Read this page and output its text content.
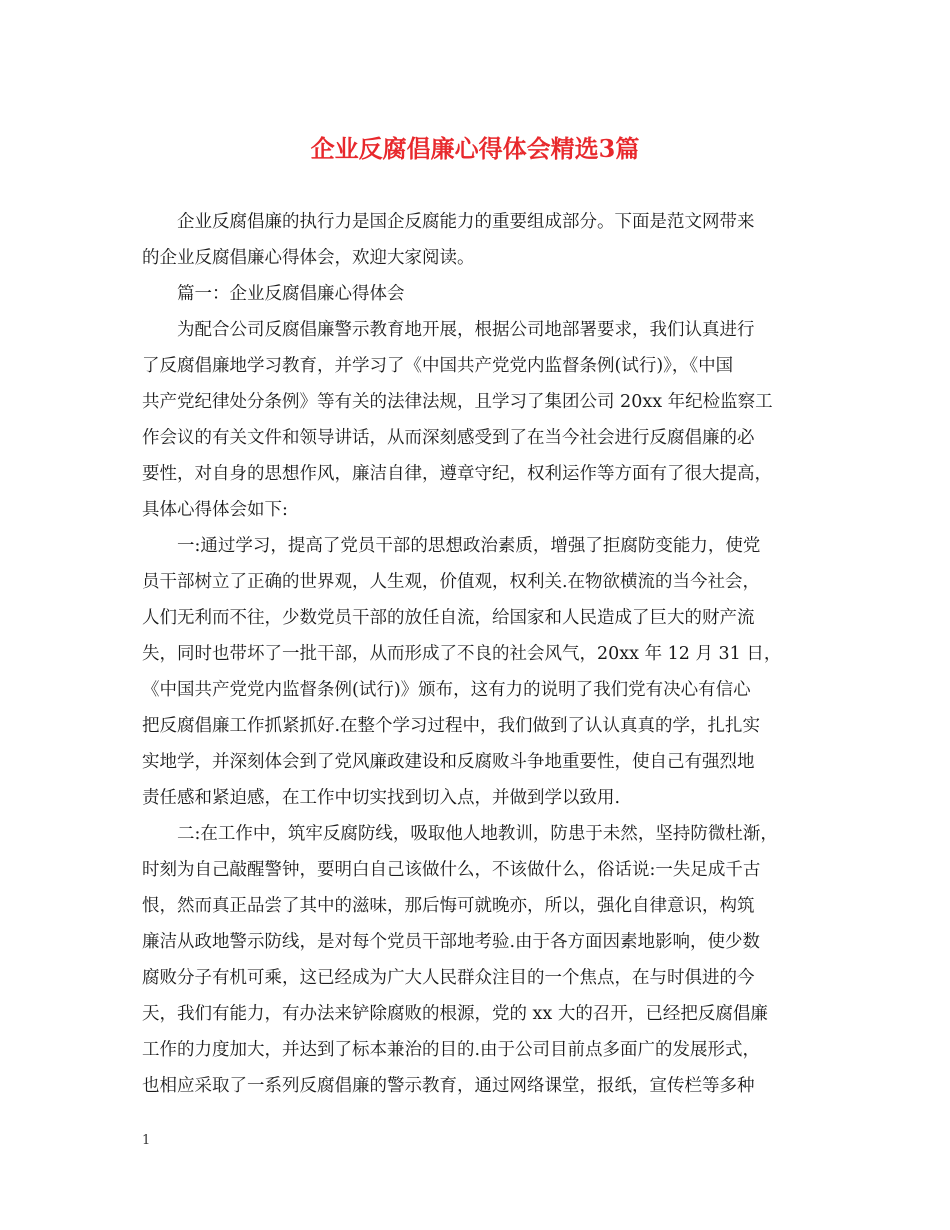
企业反腐倡廉心得体会精选3篇
　　企业反腐倡廉的执行力是国企反腐能力的重要组成部分。下面是范文网带来
的企业反腐倡廉心得体会，欢迎大家阅读。
　　篇一：企业反腐倡廉心得体会
　　为配合公司反腐倡廉警示教育地开展，根据公司地部署要求，我们认真进行
了反腐倡廉地学习教育，并学习了《中国共产党党内监督条例(试行)》，《中国
共产党纪律处分条例》等有关的法律法规，且学习了集团公司 20xx 年纪检监察工
作会议的有关文件和领导讲话，从而深刻感受到了在当今社会进行反腐倡廉的必
要性，对自身的思想作风，廉洁自律，遵章守纪，权利运作等方面有了很大提高，
具体心得体会如下:
　　一:通过学习，提高了党员干部的思想政治素质，增强了拒腐防变能力，使党
员干部树立了正确的世界观，人生观，价值观，权利关.在物欲横流的当今社会，
人们无利而不往，少数党员干部的放任自流，给国家和人民造成了巨大的财产流
失，同时也带坏了一批干部，从而形成了不良的社会风气，20xx 年 12 月 31 日，
《中国共产党党内监督条例(试行)》颁布，这有力的说明了我们党有决心有信心
把反腐倡廉工作抓紧抓好.在整个学习过程中，我们做到了认认真真的学，扎扎实
实地学，并深刻体会到了党风廉政建设和反腐败斗争地重要性，使自己有强烈地
责任感和紧迫感，在工作中切实找到切入点，并做到学以致用.
　　二:在工作中，筑牢反腐防线，吸取他人地教训，防患于未然，坚持防微杜渐，
时刻为自己敲醒警钟，要明白自己该做什么，不该做什么，俗话说:一失足成千古
恨，然而真正品尝了其中的滋味，那后悔可就晚亦，所以，强化自律意识，构筑
廉洁从政地警示防线，是对每个党员干部地考验.由于各方面因素地影响，使少数
腐败分子有机可乘，这已经成为广大人民群众注目的一个焦点，在与时俱进的今
天，我们有能力，有办法来铲除腐败的根源，党的 xx 大的召开，已经把反腐倡廉
工作的力度加大，并达到了标本兼治的目的.由于公司目前点多面广的发展形式，
也相应采取了一系列反腐倡廉的警示教育，通过网络课堂，报纸，宣传栏等多种
1
